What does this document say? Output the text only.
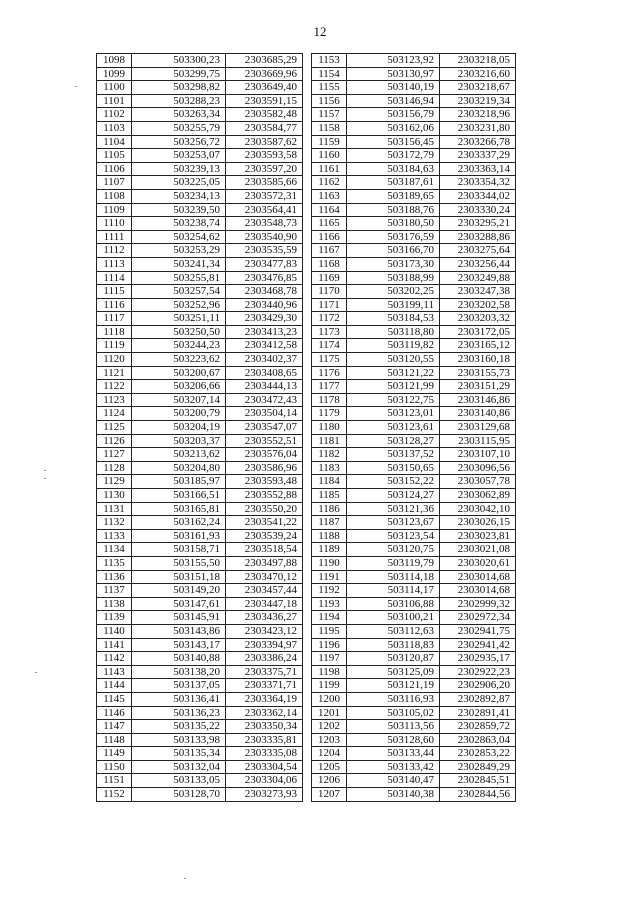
12
1098	503300,23	2303685,29
1099	503299,75	2303669,96
1100	503298,82	2303649,40
1101	503288,23	2303591,15
1102	503263,34	2303582,48
1103	503255,79	2303584,77
1104	503256,72	2303587,62
1105	503253,07	2303593,58
1106	503239,13	2303597,20
1107	503225,05	2303585,66
1108	503234,13	2303572,31
1109	503239,50	2303564,41
1110	503238,74	2303548,73
1111	503254,62	2303540,90
1112	503253,29	2303535,59
1113	503241,34	2303477,83
1114	503255,81	2303476,85
1115	503257,54	2303468,78
1116	503252,96	2303440,96
1117	503251,11	2303429,30
1118	503250,50	2303413,23
1119	503244,23	2303412,58
1120	503223,62	2303402,37
1121	503200,67	2303408,65
1122	503206,66	2303444,13
1123	503207,14	2303472,43
1124	503200,79	2303504,14
1125	503204,19	2303547,07
1126	503203,37	2303552,51
1127	503213,62	2303576,04
1128	503204,80	2303586,96
1129	503185,97	2303593,48
1130	503166,51	2303552,88
1131	503165,81	2303550,20
1132	503162,24	2303541,22
1133	503161,93	2303539,24
1134	503158,71	2303518,54
1135	503155,50	2303497,88
1136	503151,18	2303470,12
1137	503149,20	2303457,44
1138	503147,61	2303447,18
1139	503145,91	2303436,27
1140	503143,86	2303423,12
1141	503143,17	2303394,97
1142	503140,88	2303386,24
1143	503138,20	2303375,71
1144	503137,05	2303371,71
1145	503136,41	2303364,19
1146	503136,23	2303362,14
1147	503135,22	2303350,34
1148	503133,98	2303335,81
1149	503135,34	2303335,08
1150	503132,04	2303304,54
1151	503133,05	2303304,06
1152	503128,70	2303273,93
1153	503123,92	2303218,05
1154	503130,97	2303216,60
1155	503140,19	2303218,67
1156	503146,94	2303219,34
1157	503156,79	2303218,96
1158	503162,06	2303231,80
1159	503156,45	2303266,78
1160	503172,79	2303337,29
1161	503184,63	2303363,14
1162	503187,61	2303354,32
1163	503189,65	2303344,02
1164	503188,76	2303330,24
1165	503180,50	2303295,21
1166	503176,59	2303288,86
1167	503166,70	2303275,64
1168	503173,30	2303256,44
1169	503188,99	2303249,88
1170	503202,25	2303247,38
1171	503199,11	2303202,58
1172	503184,53	2303203,32
1173	503118,80	2303172,05
1174	503119,82	2303165,12
1175	503120,55	2303160,18
1176	503121,22	2303155,73
1177	503121,99	2303151,29
1178	503122,75	2303146,86
1179	503123,01	2303140,86
1180	503123,61	2303129,68
1181	503128,27	2303115,95
1182	503137,52	2303107,10
1183	503150,65	2303096,56
1184	503152,22	2303057,78
1185	503124,27	2303062,89
1186	503121,36	2303042,10
1187	503123,67	2303026,15
1188	503123,54	2303023,81
1189	503120,75	2303021,08
1190	503119,79	2303020,61
1191	503114,18	2303014,68
1192	503114,17	2303014,68
1193	503106,88	2302999,32
1194	503100,21	2302972,34
1195	503112,63	2302941,75
1196	503118,83	2302941,42
1197	503120,87	2302935,17
1198	503125,09	2302922,23
1199	503121,19	2302906,20
1200	503116,93	2302892,87
1201	503105,02	2302891,41
1202	503113,56	2302859,72
1203	503128,60	2302863,04
1204	503133,44	2302853,22
1205	503133,42	2302849,29
1206	503140,47	2302845,51
1207	503140,38	2302844,56
